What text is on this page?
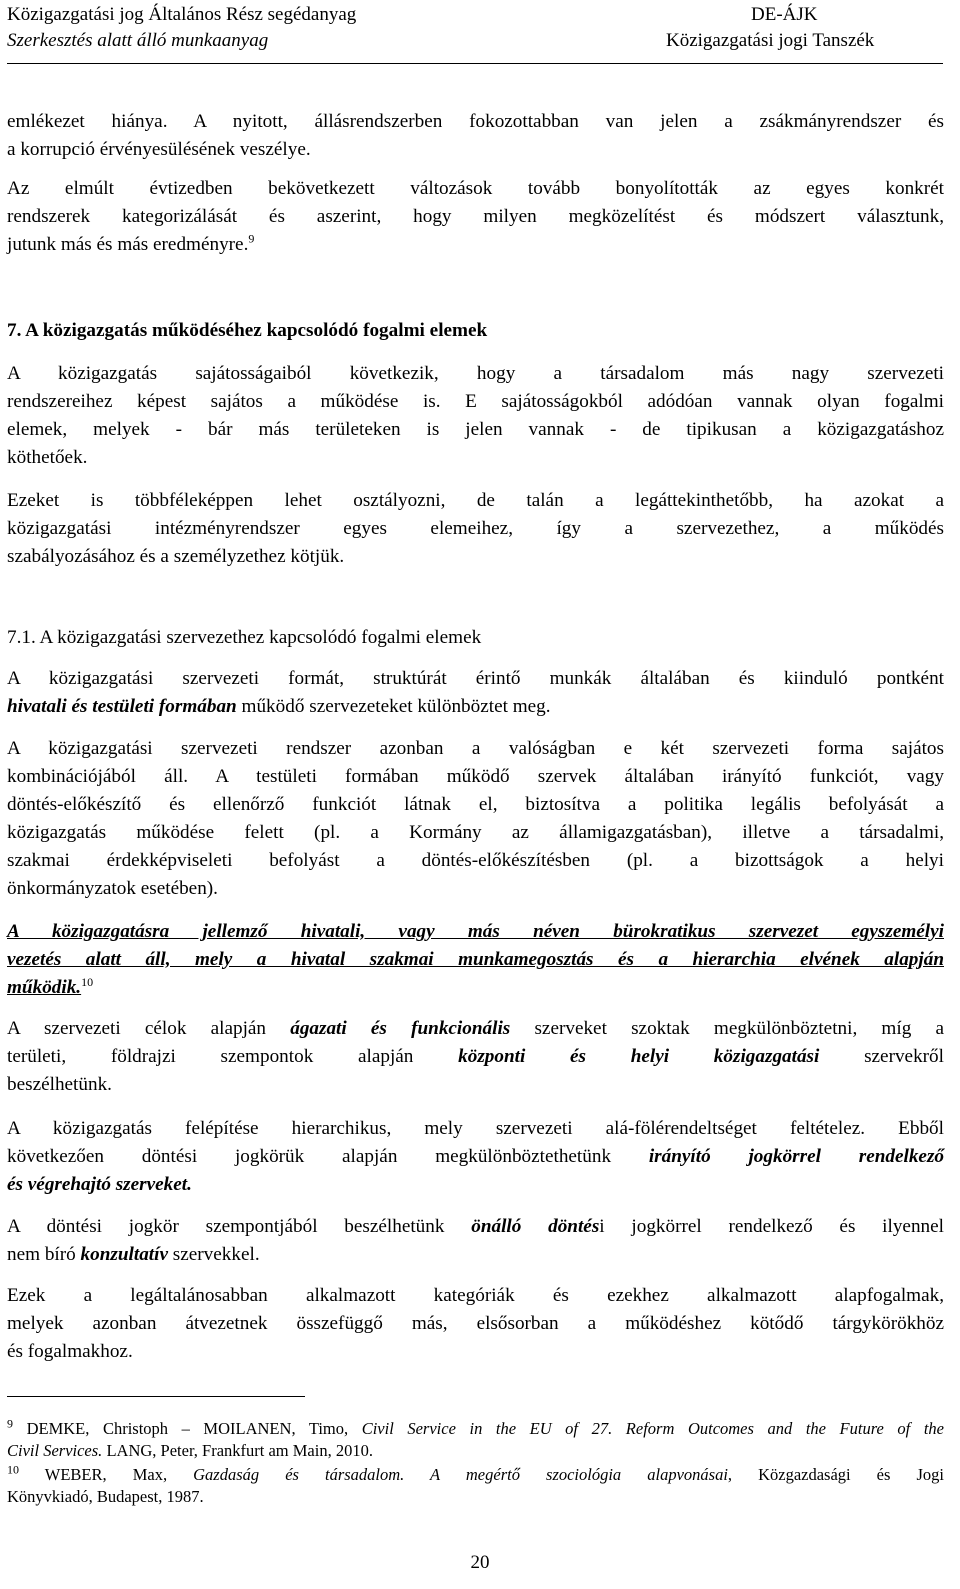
Közigazgatási jog Általános Rész segédanyag	DE-ÁJK
Szerkesztés alatt álló munkaanyag	Közigazgatási jogi Tanszék

emlékezet hiánya. A nyitott, állásrendszerben fokozottabban van jelen a zsákmányrendszer és
a korrupció érvényesülésének veszélye.

Az elmúlt évtizedben bekövetkezett változások tovább bonyolították az egyes konkrét
rendszerek kategorizálását és aszerint, hogy milyen megközelítést és módszert választunk,
jutunk más és más eredményre.$^9$

7. A közigazgatás működéséhez kapcsolódó fogalmi elemek

A közigazgatás sajátosságaiból következik, hogy a társadalom más nagy szervezeti
rendszereihez képest sajátos a működése is. E sajátosságokból adódóan vannak olyan fogalmi
elemek, melyek - bár más területeken is jelen vannak - de tipikusan a közigazgatáshoz
köthetőek.

Ezeket is többféleképpen lehet osztályozni, de talán a legáttekinthetőbb, ha azokat a
közigazgatási intézményrendszer egyes elemeihez, így a szervezethez, a működés
szabályozásához és a személyzethez kötjük.

7.1. A közigazgatási szervezethez kapcsolódó fogalmi elemek

A közigazgatási szervezeti formát, struktúrát érintő munkák általában és kiinduló pontként
hivatali és testületi formában működő szervezeteket különböztet meg.

A közigazgatási szervezeti rendszer azonban a valóságban e két szervezeti forma sajátos
kombinációjából áll. A testületi formában működő szervek általában irányító funkciót, vagy
döntés-előkészítő és ellenőrző funkciót látnak el, biztosítva a politika legális befolyását a
közigazgatás működése felett (pl. a Kormány az államigazgatásban), illetve a társadalmi,
szakmai érdekképviseleti befolyást a döntés-előkészítésben (pl. a bizottságok a helyi
önkormányzatok esetében).

A közigazgatásra jellemző hivatali, vagy más néven bürokratikus szervezet egyszemélyi
vezetés alatt áll, mely a hivatal szakmai munkamegosztás és a hierarchia elvének alapján
működik.$^{10}$

A szervezeti célok alapján ágazati és funkcionális szerveket szoktak megkülönböztetni, míg a
területi, földrajzi szempontok alapján központi és helyi közigazgatási szervekről
beszélhetünk.

A közigazgatás felépítése hierarchikus, mely szervezeti alá-fölérendeltséget feltételez. Ebből
következően döntési jogkörük alapján megkülönböztethetünk irányító jogkörrel rendelkező
és végrehajtó szerveket.

A döntési jogkör szempontjából beszélhetünk önálló döntési jogkörrel rendelkező és ilyennel
nem bíró konzultatív szervekkel.

Ezek a legáltalánosabban alkalmazott kategóriák és ezekhez alkalmazott alapfogalmak,
melyek azonban átvezetnek összefüggő más, elsősorban a működéshez kötődő tárgykörökhöz
és fogalmakhoz.

$^9$ DEMKE, Christoph – MOILANEN, Timo, Civil Service in the EU of 27. Reform Outcomes and the Future of the
Civil Services. LANG, Peter, Frankfurt am Main, 2010.

$^{10}$ WEBER, Max, Gazdaság és társadalom. A megértő szociológia alapvonásai, Közgazdasági és Jogi
Könyvkiadó, Budapest, 1987.

20
